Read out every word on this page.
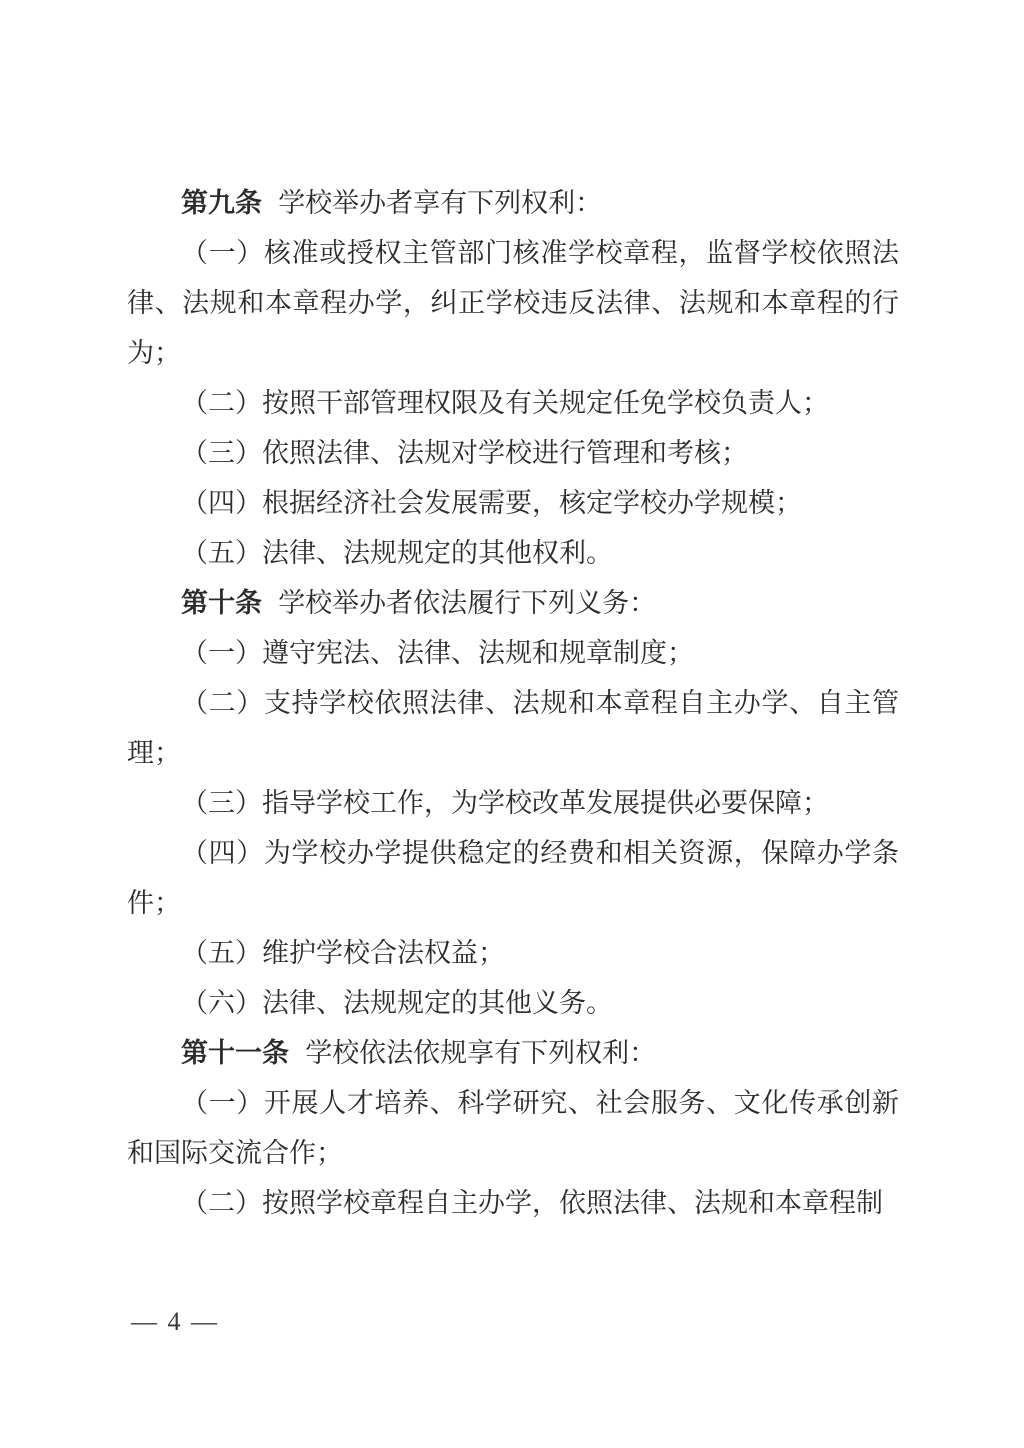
第九条 学校举办者享有下列权利：

（一）核准或授权主管部门核准学校章程，监督学校依照法律、法规和本章程办学，纠正学校违反法律、法规和本章程的行为；

（二）按照干部管理权限及有关规定任免学校负责人；

（三）依照法律、法规对学校进行管理和考核；

（四）根据经济社会发展需要，核定学校办学规模；

（五）法律、法规规定的其他权利。

第十条 学校举办者依法履行下列义务：

（一）遵守宪法、法律、法规和规章制度；

（二）支持学校依照法律、法规和本章程自主办学、自主管理；

（三）指导学校工作，为学校改革发展提供必要保障；

（四）为学校办学提供稳定的经费和相关资源，保障办学条件；

（五）维护学校合法权益；

（六）法律、法规规定的其他义务。

第十一条 学校依法依规享有下列权利：

（一）开展人才培养、科学研究、社会服务、文化传承创新和国际交流合作；

（二）按照学校章程自主办学，依照法律、法规和本章程制

— 4 —
